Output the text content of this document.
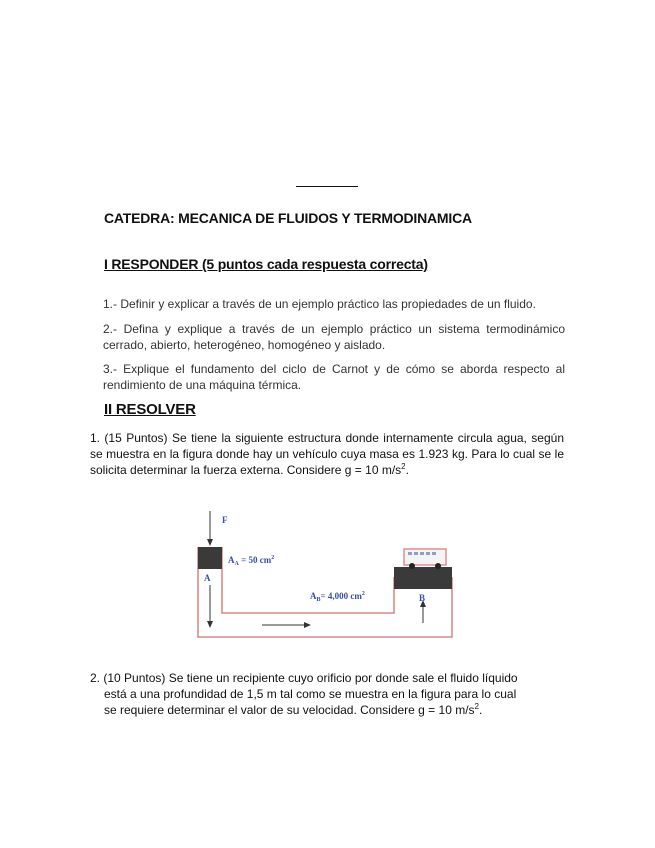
CATEDRA: MECANICA DE FLUIDOS Y TERMODINAMICA
I RESPONDER (5 puntos cada respuesta correcta)
1.- Definir y explicar a través de un ejemplo práctico las propiedades de un fluido.
2.- Defina y explique a través de un ejemplo práctico un sistema termodinámico cerrado, abierto, heterogéneo, homogéneo y aislado.
3.- Explique el fundamento del ciclo de Carnot y de cómo se aborda respecto al rendimiento de una máquina térmica.
II RESOLVER
1. (15 Puntos) Se tiene la siguiente estructura donde internamente circula agua, según se muestra en la figura donde hay un vehículo cuya masa es 1.923 kg. Para lo cual se le solicita determinar la fuerza externa. Considere g = 10 $m/s^2$.
F
$A_A = 50$ $cm^2$
$A_B= 4,000$ $cm^2$
A
B
2. (10 Puntos) Se tiene un recipiente cuyo orificio por donde sale el fluido líquido
está a una profundidad de 1,5 m tal como se muestra en la figura para lo cual
se requiere determinar el valor de su velocidad. Considere g = 10 $m/s^2$.
